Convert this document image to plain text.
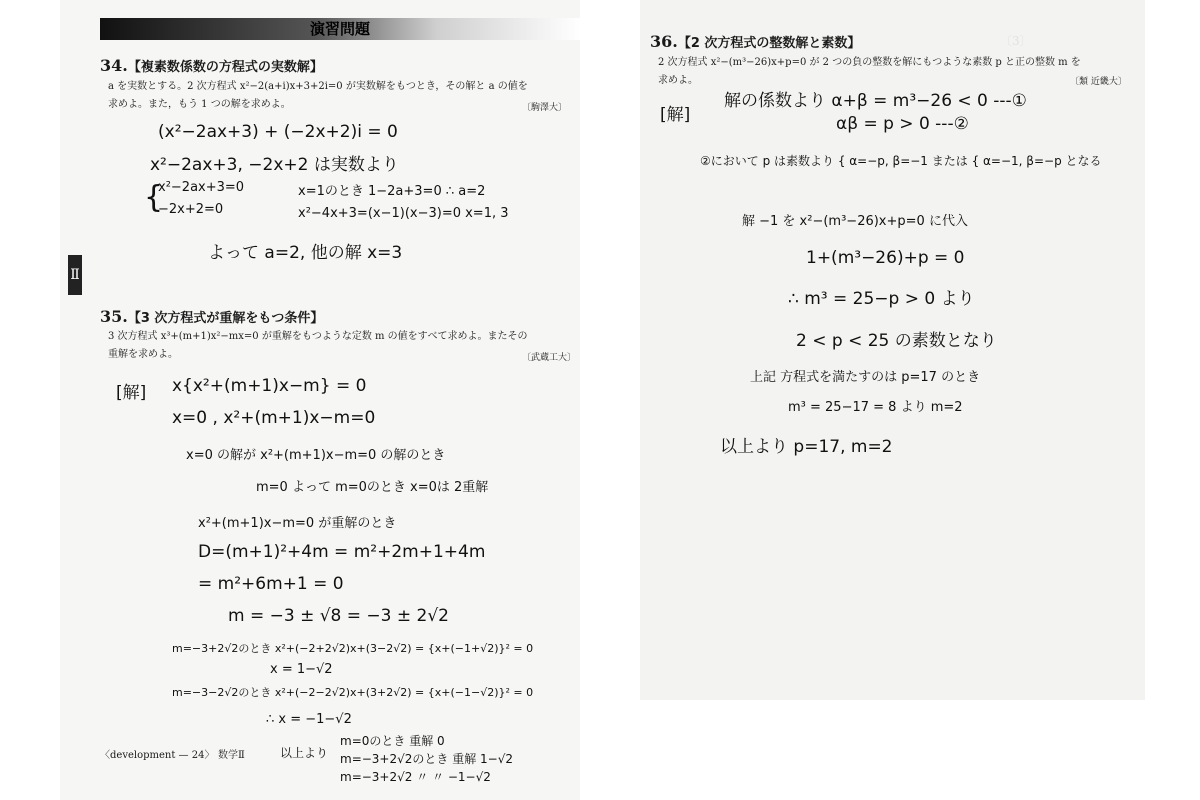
演習問題
34.【複素数係数の方程式の実数解】
a を実数とする。2 次方程式 x²−2(a+i)x+3+2i=0 が実数解をもつとき，その解と a の値を
求めよ。また，もう 1 つの解を求めよ。	〔駒澤大〕
(x²−2ax+3) + (−2x+2)i = 0
x²−2ax+3, −2x+2 は実数より
{
x²−2ax+3=0
−2x+2=0
x=1のとき 1−2a+3=0 ∴ a=2
x²−4x+3=(x−1)(x−3)=0 x=1, 3
よって a=2, 他の解 x=3
35.【3 次方程式が重解をもつ条件】
3 次方程式 x³+(m+1)x²−mx=0 が重解をもつような定数 m の値をすべて求めよ。またその
重解を求めよ。	〔武蔵工大〕
[解] x{x²+(m+1)x−m} = 0
x=0 , x²+(m+1)x−m=0
x=0 の解が x²+(m+1)x−m=0 の解のとき
m=0 よって m=0のとき x=0は 2重解
x²+(m+1)x−m=0 が重解のとき
D=(m+1)²+4m = m²+2m+1+4m
= m²+6m+1 = 0
m = −3 ± √8 = −3 ± 2√2
m=−3+2√2のとき x²+(−2+2√2)x+(3−2√2) = {x+(−1+√2)}² = 0
x = 1−√2
m=−3−2√2のとき x²+(−2−2√2)x+(3+2√2) = {x+(−1−√2)}² = 0
∴ x = −1−√2
以上より
m=0のとき 重解 0
m=−3+2√2のとき 重解 1−√2
m=−3+2√2 〃 〃 −1−√2
〈development — 24〉 数学Ⅱ
Ⅱ
36.【2 次方程式の整数解と素数】
2 次方程式 x²−(m³−26)x+p=0 が 2 つの負の整数を解にもつような素数 p と正の整数 m を
求めよ。	〔類 近畿大〕
[解]
解の係数より α+β = m³−26 < 0 ---①
αβ = p > 0 ---②
②において p は素数より { α=−p, β=−1 または { α=−1, β=−p となる
解 −1 を x²−(m³−26)x+p=0 に代入
1+(m³−26)+p = 0
∴ m³ = 25−p > 0 より
2 < p < 25 の素数となり
上記 方程式を満たすのは p=17 のとき
m³ = 25−17 = 8 より m=2
以上より p=17, m=2
〔3〕
